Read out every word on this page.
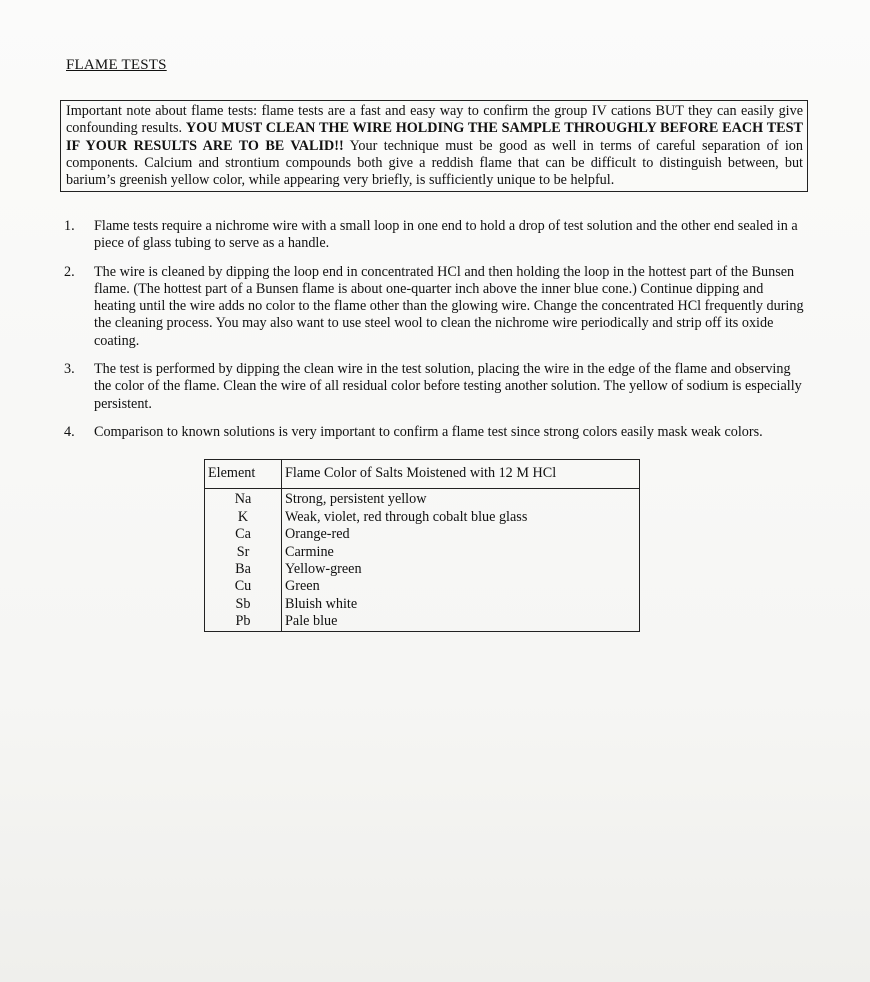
FLAME TESTS
Important note about flame tests: flame tests are a fast and easy way to confirm the group IV cations BUT they can easily give confounding results. YOU MUST CLEAN THE WIRE HOLDING THE SAMPLE THROUGHLY BEFORE EACH TEST IF YOUR RESULTS ARE TO BE VALID!! Your technique must be good as well in terms of careful separation of ion components. Calcium and strontium compounds both give a reddish flame that can be difficult to distinguish between, but barium’s greenish yellow color, while appearing very briefly, is sufficiently unique to be helpful.
1. Flame tests require a nichrome wire with a small loop in one end to hold a drop of test solution and the other end sealed in a piece of glass tubing to serve as a handle.
2. The wire is cleaned by dipping the loop end in concentrated HCl and then holding the loop in the hottest part of the Bunsen flame. (The hottest part of a Bunsen flame is about one-quarter inch above the inner blue cone.) Continue dipping and heating until the wire adds no color to the flame other than the glowing wire. Change the concentrated HCl frequently during the cleaning process. You may also want to use steel wool to clean the nichrome wire periodically and strip off its oxide coating.
3. The test is performed by dipping the clean wire in the test solution, placing the wire in the edge of the flame and observing the color of the flame. Clean the wire of all residual color before testing another solution. The yellow of sodium is especially persistent.
4. Comparison to known solutions is very important to confirm a flame test since strong colors easily mask weak colors.
Element	Flame Color of Salts Moistened with 12 M HCl
Na	Strong, persistent yellow
K	Weak, violet, red through cobalt blue glass
Ca	Orange-red
Sr	Carmine
Ba	Yellow-green
Cu	Green
Sb	Bluish white
Pb	Pale blue
